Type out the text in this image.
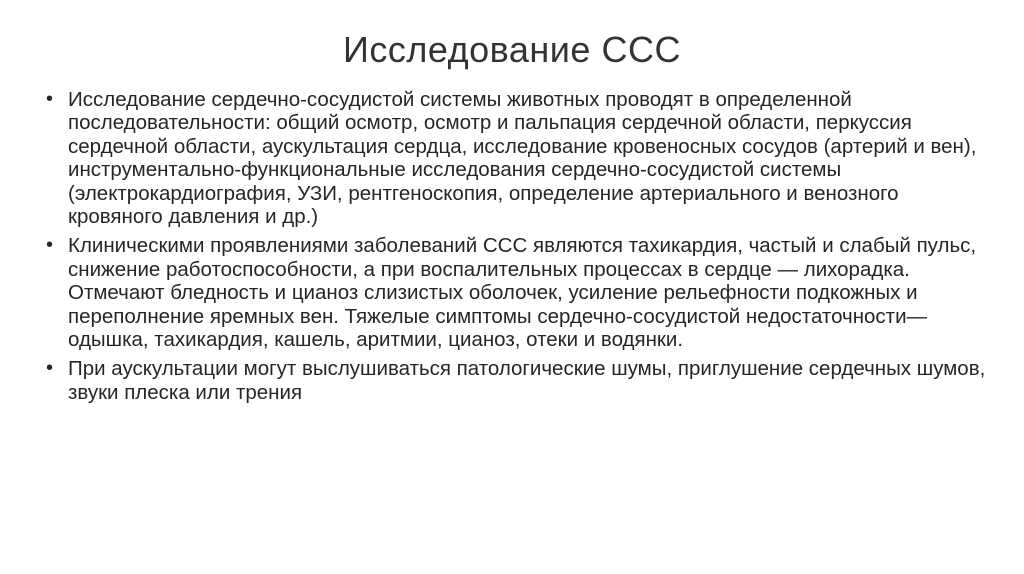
Исследование ССС
• Исследование сердечно-сосудистой системы животных проводят в определенной последовательности: общий осмотр, осмотр и пальпация сердечной области, перкуссия сердечной области, аускультация сердца, исследование кровеносных сосудов (артерий и вен), инструментально-функциональные исследования сердечно-сосудистой системы (электрокардиография, УЗИ, рентгеноскопия, определение артериального и венозного кровяного давления и др.)
• Клиническими проявлениями заболеваний ССС являются тахикардия, частый и слабый пульс, снижение работоспособности, а при воспалительных процессах в сердце — лихорадка. Отмечают бледность и цианоз слизистых оболочек, усиление рельефности подкожных и переполнение яремных вен. Тяжелые симптомы сердечно-сосудистой недостаточности— одышка, тахикардия, кашель, аритмии, цианоз, отеки и водянки.
• При аускультации могут выслушиваться патологические шумы, приглушение сердечных шумов, звуки плеска или трения
